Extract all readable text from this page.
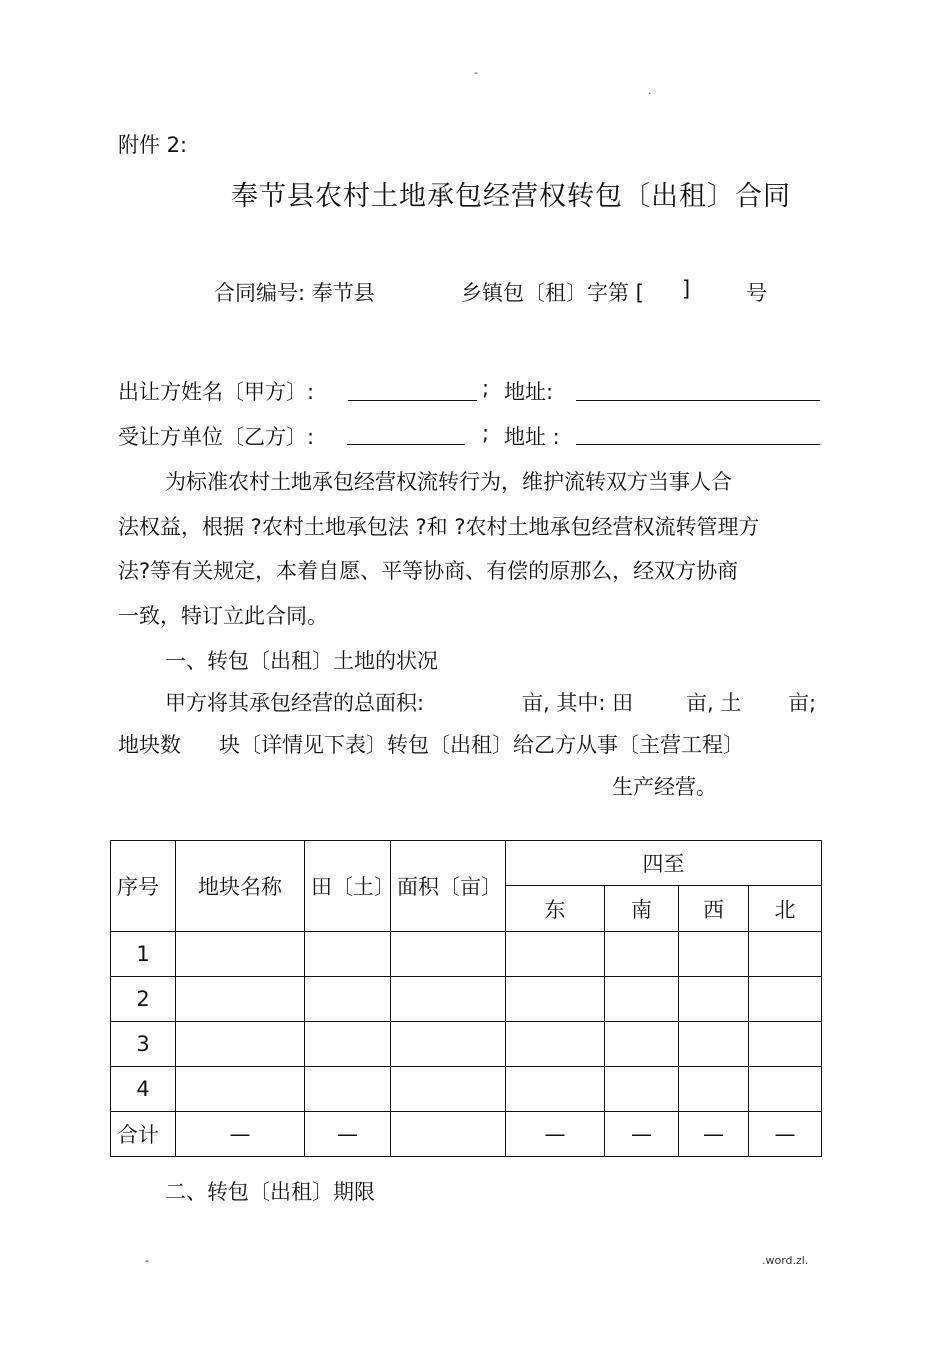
-
.
附件 2:
奉节县农村土地承包经营权转包〔出租〕合同
合同编号: 奉节县	乡镇包〔租〕字第 [ ]	号
出让方姓名〔甲方〕:	; 地址:
受让方单位〔乙方〕:	; 地址 :
为标准农村土地承包经营权流转行为，维护流转双方当事人合
法权益，根据 ?农村土地承包法 ?和 ?农村土地承包经营权流转管理方
法?等有关规定，本着自愿、平等协商、有偿的原那么，经双方协商
一致，特订立此合同。
一、转包〔出租〕土地的状况
甲方将其承包经营的总面积:	亩, 其中: 田	亩, 土 亩;
地块数 块〔详情见下表〕转包〔出租〕给乙方从事〔主营工程〕
生产经营。
序号	地块名称	田〔土〕	面积〔亩〕	四至			
				东	南	西	北
1							
2							
3							
4							
合计	—	—		—	—	—	—
二、转包〔出租〕期限
-	.word.zl.
